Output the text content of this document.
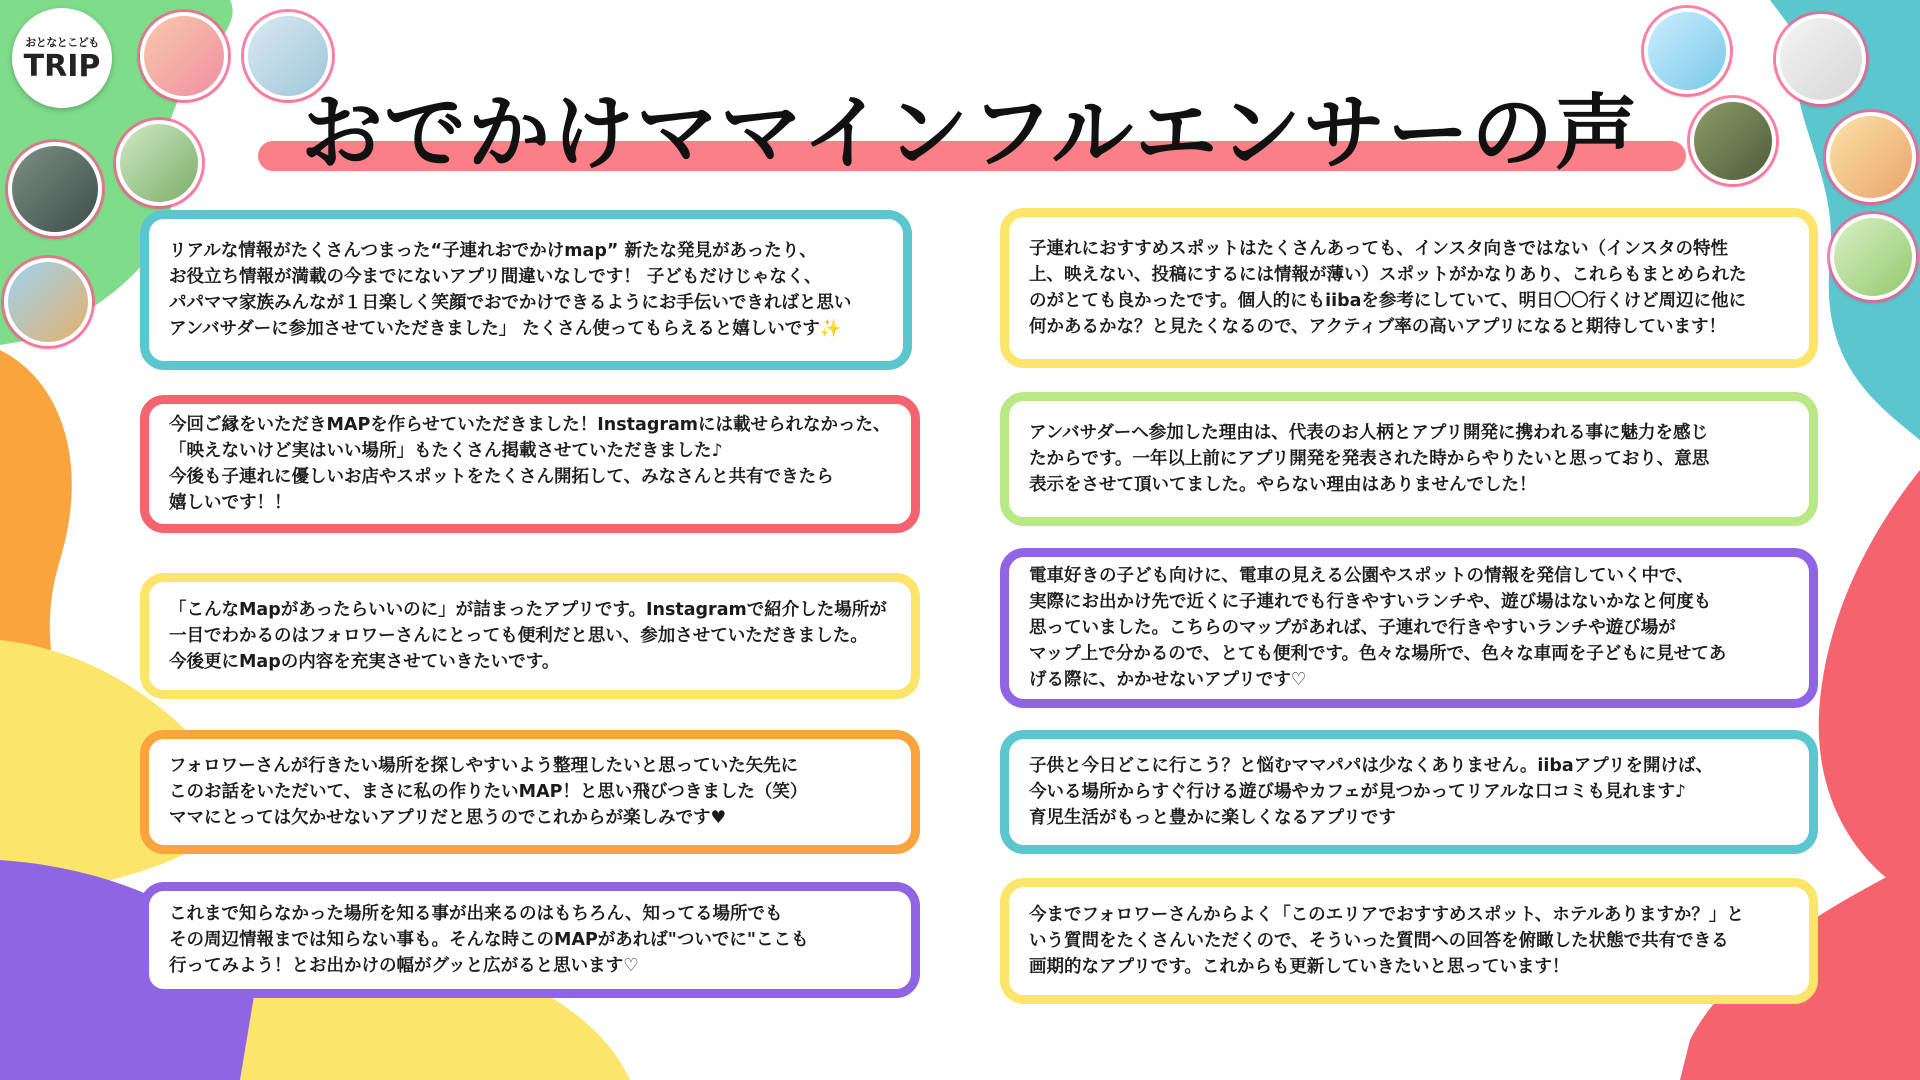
おとなとこども
TRIP
おでかけママインフルエンサーの声

リアルな情報がたくさんつまった“子連れおでかけmap” 新たな発見があったり、
お役立ち情報が満載の今までにないアプリ間違いなしです！ 子どもだけじゃなく、
パパママ家族みんなが１日楽しく笑顔でおでかけできるようにお手伝いできればと思い
アンバサダーに参加させていただきました」 たくさん使ってもらえると嬉しいです✨

今回ご縁をいただきMAPを作らせていただきました！Instagramには載せられなかった、
「映えないけど実はいい場所」もたくさん掲載させていただきました♪
今後も子連れに優しいお店やスポットをたくさん開拓して、みなさんと共有できたら
嬉しいです！！

「こんなMapがあったらいいのに」が詰まったアプリです。Instagramで紹介した場所が
一目でわかるのはフォロワーさんにとっても便利だと思い、参加させていただきました。
今後更にMapの内容を充実させていきたいです。

フォロワーさんが行きたい場所を探しやすいよう整理したいと思っていた矢先に
このお話をいただいて、まさに私の作りたいMAP！と思い飛びつきました（笑）
ママにとっては欠かせないアプリだと思うのでこれからが楽しみです♥

これまで知らなかった場所を知る事が出来るのはもちろん、知ってる場所でも
その周辺情報までは知らない事も。そんな時このMAPがあれば"ついでに"ここも
行ってみよう！とお出かけの幅がグッと広がると思います♡

子連れにおすすめスポットはたくさんあっても、インスタ向きではない（インスタの特性
上、映えない、投稿にするには情報が薄い）スポットがかなりあり、これらもまとめられた
のがとても良かったです。個人的にもiibaを参考にしていて、明日〇〇行くけど周辺に他に
何かあるかな？と見たくなるので、アクティブ率の高いアプリになると期待しています！

アンバサダーへ参加した理由は、代表のお人柄とアプリ開発に携われる事に魅力を感じ
たからです。一年以上前にアプリ開発を発表された時からやりたいと思っており、意思
表示をさせて頂いてました。やらない理由はありませんでした！

電車好きの子ども向けに、電車の見える公園やスポットの情報を発信していく中で、
実際にお出かけ先で近くに子連れでも行きやすいランチや、遊び場はないかなと何度も
思っていました。こちらのマップがあれば、子連れで行きやすいランチや遊び場が
マップ上で分かるので、とても便利です。色々な場所で、色々な車両を子どもに見せてあ
げる際に、かかせないアプリです♡

子供と今日どこに行こう？と悩むママパパは少なくありません。iibaアプリを開けば、
今いる場所からすぐ行ける遊び場やカフェが見つかってリアルな口コミも見れます♪
育児生活がもっと豊かに楽しくなるアプリです

今までフォロワーさんからよく「このエリアでおすすめスポット、ホテルありますか？」と
いう質問をたくさんいただくので、そういった質問への回答を俯瞰した状態で共有できる
画期的なアプリです。これからも更新していきたいと思っています！
